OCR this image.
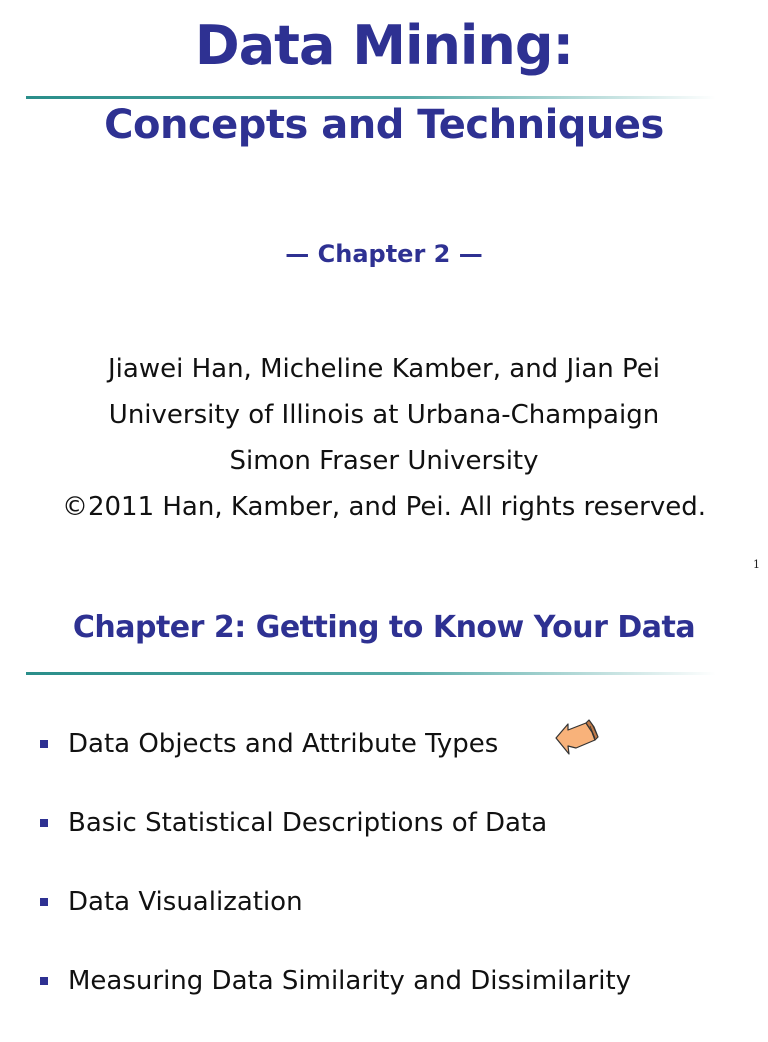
Data Mining:
Concepts and Techniques
— Chapter 2 —
Jiawei Han, Micheline Kamber, and Jian Pei
University of Illinois at Urbana-Champaign
Simon Fraser University
©2011 Han, Kamber, and Pei. All rights reserved.
1
Chapter 2: Getting to Know Your Data
Data Objects and Attribute Types
Basic Statistical Descriptions of Data
Data Visualization
Measuring Data Similarity and Dissimilarity
